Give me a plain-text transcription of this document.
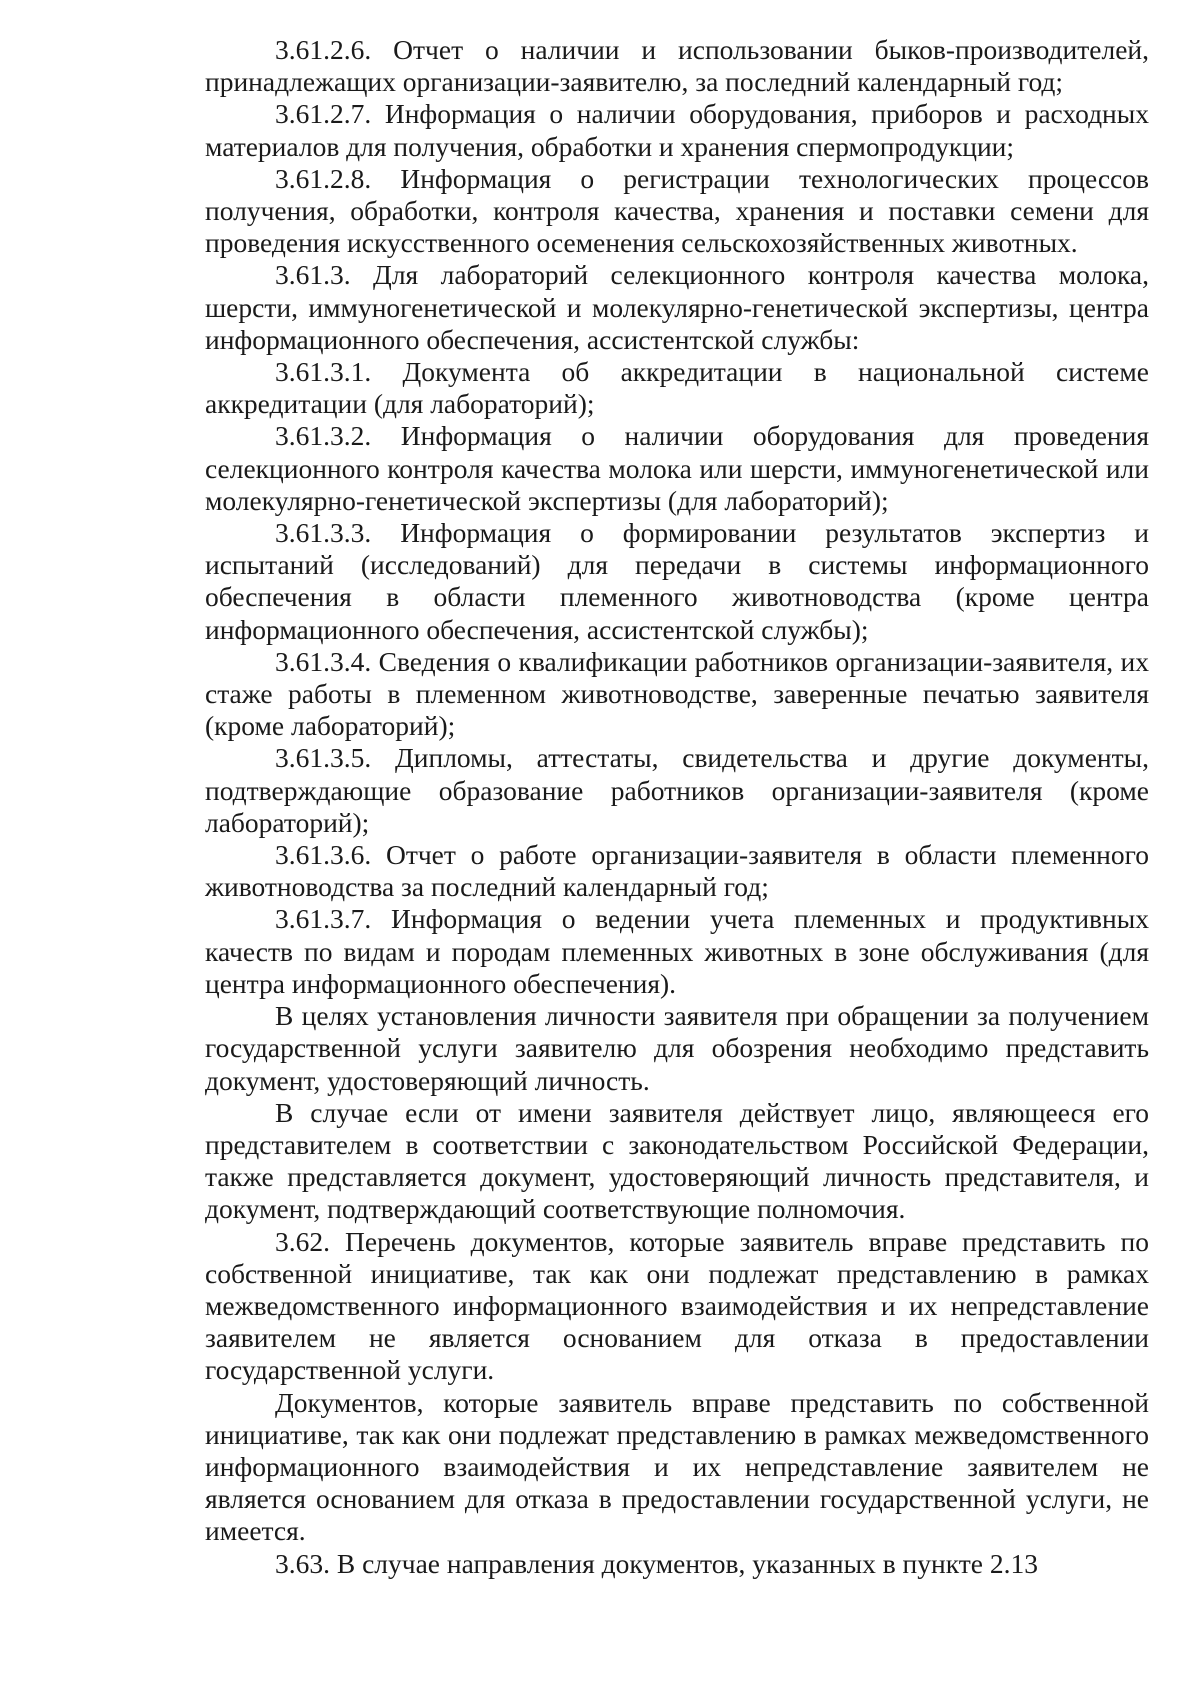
3.61.2.6. Отчет о наличии и использовании быков-производителей, принадлежащих организации-заявителю, за последний календарный год;

3.61.2.7. Информация о наличии оборудования, приборов и расходных материалов для получения, обработки и хранения спермопродукции;

3.61.2.8. Информация о регистрации технологических процессов получения, обработки, контроля качества, хранения и поставки семени для проведения искусственного осеменения сельскохозяйственных животных.

3.61.3. Для лабораторий селекционного контроля качества молока, шерсти, иммуногенетической и молекулярно-генетической экспертизы, центра информационного обеспечения, ассистентской службы:

3.61.3.1. Документа об аккредитации в национальной системе аккредитации (для лабораторий);

3.61.3.2. Информация о наличии оборудования для проведения селекционного контроля качества молока или шерсти, иммуногенетической или молекулярно-генетической экспертизы (для лабораторий);

3.61.3.3. Информация о формировании результатов экспертиз и испытаний (исследований) для передачи в системы информационного обеспечения в области племенного животноводства (кроме центра информационного обеспечения, ассистентской службы);

3.61.3.4. Сведения о квалификации работников организации-заявителя, их стаже работы в племенном животноводстве, заверенные печатью заявителя (кроме лабораторий);

3.61.3.5. Дипломы, аттестаты, свидетельства и другие документы, подтверждающие образование работников организации-заявителя (кроме лабораторий);

3.61.3.6. Отчет о работе организации-заявителя в области племенного животноводства за последний календарный год;

3.61.3.7. Информация о ведении учета племенных и продуктивных качеств по видам и породам племенных животных в зоне обслуживания (для центра информационного обеспечения).

В целях установления личности заявителя при обращении за получением государственной услуги заявителю для обозрения необходимо представить документ, удостоверяющий личность.

В случае если от имени заявителя действует лицо, являющееся его представителем в соответствии с законодательством Российской Федерации, также представляется документ, удостоверяющий личность представителя, и документ, подтверждающий соответствующие полномочия.

3.62. Перечень документов, которые заявитель вправе представить по собственной инициативе, так как они подлежат представлению в рамках межведомственного информационного взаимодействия и их непредставление заявителем не является основанием для отказа в предоставлении государственной услуги.

Документов, которые заявитель вправе представить по собственной инициативе, так как они подлежат представлению в рамках межведомственного информационного взаимодействия и их непредставление заявителем не является основанием для отказа в предоставлении государственной услуги, не имеется.

3.63. В случае направления документов, указанных в пункте 2.13
